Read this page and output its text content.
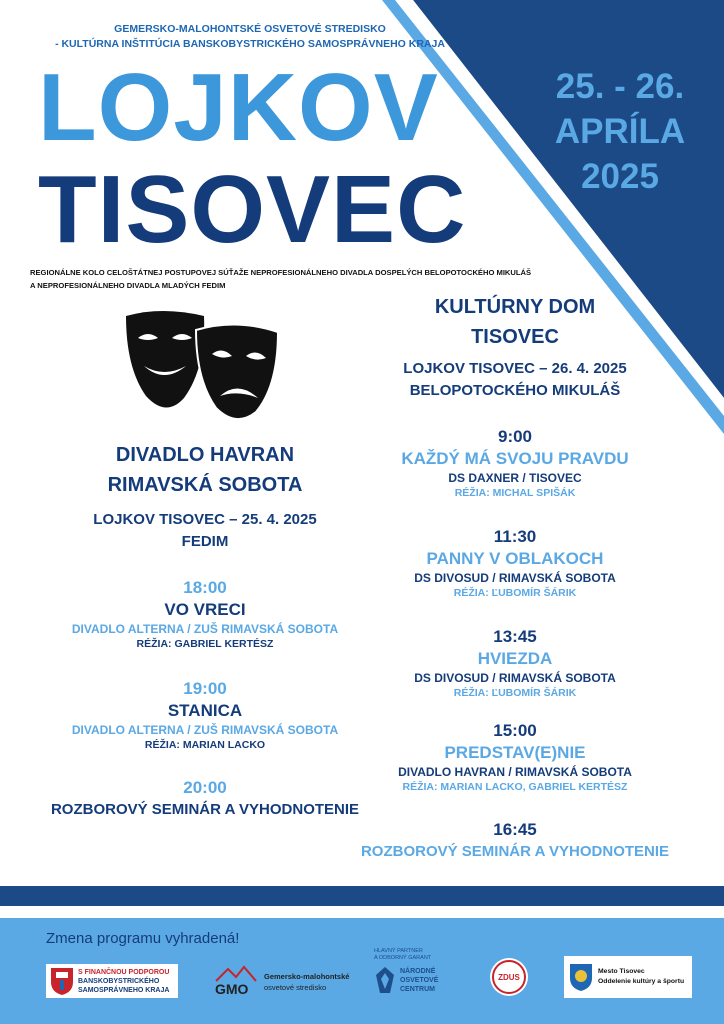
GEMERSKO-MALOHONTSKÉ OSVETOVÉ STREDISKO
- KULTÚRNA INŠTITÚCIA BANSKOBYSTRICKÉHO SAMOSPRÁVNEHO KRAJA
LOJKOV
TISOVEC
25. - 26.
APRÍLA
2025
REGIONÁLNE KOLO CELOŠTÁTNEJ POSTUPOVEJ SÚŤAŽE NEPROFESIONÁLNEHO DIVADLA DOSPELÝCH BELOPOTOCKÉHO MIKULÁŠ
A NEPROFESIONÁLNEHO DIVADLA MLADÝCH FEDIM
DIVADLO HAVRAN
RIMAVSKÁ SOBOTA
LOJKOV TISOVEC – 25. 4. 2025
FEDIM
18:00
VO VRECI
DIVADLO ALTERNA / ZUŠ RIMAVSKÁ SOBOTA
RÉŽIA: GABRIEL KERTÉSZ
19:00
STANICA
DIVADLO ALTERNA / ZUŠ RIMAVSKÁ SOBOTA
RÉŽIA: MARIAN LACKO
20:00
ROZBOROVÝ SEMINÁR A VYHODNOTENIE
KULTÚRNY DOM
TISOVEC
LOJKOV TISOVEC – 26. 4. 2025
BELOPOTOCKÉHO MIKULÁŠ
9:00
KAŽDÝ MÁ SVOJU PRAVDU
DS DAXNER / TISOVEC
RÉŽIA: MICHAL SPIŠÁK
11:30
PANNY V OBLAKOCH
DS DIVOSUD / RIMAVSKÁ SOBOTA
RÉŽIA: ĽUBOMÍR ŠÁRIK
13:45
HVIEZDA
DS DIVOSUD / RIMAVSKÁ SOBOTA
RÉŽIA: ĽUBOMÍR ŠÁRIK
15:00
PREDSTAV(E)NIE
DIVADLO HAVRAN / RIMAVSKÁ SOBOTA
RÉŽIA: MARIAN LACKO, GABRIEL KERTÉSZ
16:45
ROZBOROVÝ SEMINÁR A VYHODNOTENIE
Zmena programu vyhradená!
S FINANČNOU PODPOROU
BANSKOBYSTRICKÉHO
SAMOSPRÁVNEHO KRAJA	GMO
Gemersko-malohontské
osvetové stredisko
HLAVNÝ PARTNER
A ODBORNÝ GARANT
NÁRODNÉ
OSVETOVÉ
CENTRUM
ZDUS
Mesto Tisovec
Oddelenie kultúry a športu
